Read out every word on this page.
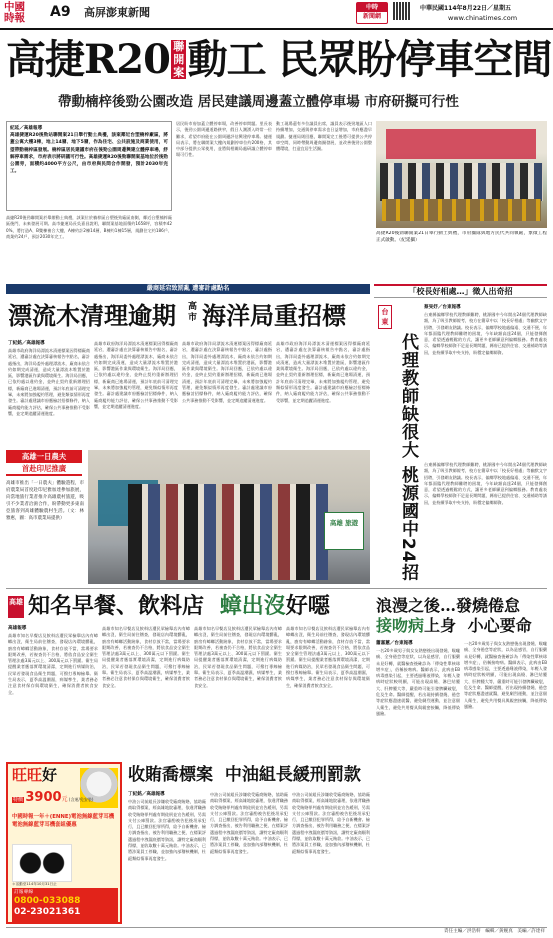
中國
時報	A9 高屏澎東新聞	中時
新聞網
中華民國114年8月22日／星期五
www.chinatimes.com
高捷R20 聯開案 動工 民眾盼停車空間
帶動楠梓後勁公園改造 居民建議周邊蓋立體停車場 市府研擬可行性
紀延／高雄報導
高雄捷運R20後勁站聯開案21日舉行動土典禮，該案鄰近台塑楠梓廠區，將蓋公寓大樓3棟，地上14層、地下5層，作為住宅、公共設施及商業使用，可望帶動楠梓區發展。楠梓區居民建議市府在後勁公園周邊興建立體停車場，紓解停車需求，市府表示將研議可行性。高雄捷運R20後勁聯開案基地位於後勁公園旁，面積約4000平方公尺，由市府與民間合作開發，預計2030年完工。
高捷R20後勁聯開案於舉辦動土典禮，該案位於楠梓區台塑後勁廠區南側，鄰近台塑楠梓廠區後門，未來發展可期。高市捷運局長吳嘉昌說明，聯開案基地面積約1658坪，容積率420%，將打造A、B雙棟複合大樓，A棟約計2棟14層，B棟約1棟15層，規劃住宅約186戶、商業約24戶，預計2030年完工。
居民盼市府加蓋立體停車場，改善停車問題。里長表示，後勁公園周邊道路狹窄，假日人潮湧入時常一位難求，希望市府能在公園周邊評估興建停車場。捷運局表示，將在聯開案大樓內規劃停車位約200格，其中部分提供公眾使用，並將與相關局處研議立體停車場可行性。
動工現場還有多位議員出席，議員表示後勁地區人口持續增加，交通與停車需求也日益增加，市府應盡早規劃。捷運局則回應，聯開案完工後將可提供公共停車空間，同時帶動周邊商圈發展，並改善後勁公園整體環境，打造宜居生活圈。
高捷R20後勁聯開案21日舉行動土典禮，市府團隊與地方民代共同執鏟，象徵工程正式啟動。（紀延攝）
嚴商延宕致罰亂 遭審計處點名
漂流木清理逾期 高市 海洋局重招標
丁紀銘／高雄報導
高雄市政府海洋局漂流木清運標案因得標廠商延宕，遭審計處在決算審核報告中點名，審計處指出，海洋局委外處理漂流木，廠商未依合約如期完成清運，造成大量漂流木堆置於港區，影響港區作業與環境衛生。海洋局回應，已依約處以違約金，並終止契約重新辦理招標，新廠商已進場清運，預計年底前可清理完畢，未來將加強履約管理，避免類似情形再度發生。審計處建議市府應檢討招標條件，納入廠商履約能力評估，確保公共事務推動不受影響，並定期追蹤清運進度。
高雄市政府海洋局漂流木清運標案因得標廠商延宕，遭審計處在決算審核報告中點名，審計處指出，海洋局委外處理漂流木，廠商未依合約如期完成清運，造成大量漂流木堆置於港區，影響港區作業與環境衛生。海洋局回應，已依約處以違約金，並終止契約重新辦理招標，新廠商已進場清運，預計年底前可清理完畢，未來將加強履約管理，避免類似情形再度發生。審計處建議市府應檢討招標條件，納入廠商履約能力評估，確保公共事務推動不受影響，並定期追蹤清運進度。
高雄市政府海洋局漂流木清運標案因得標廠商延宕，遭審計處在決算審核報告中點名，審計處指出，海洋局委外處理漂流木，廠商未依合約如期完成清運，造成大量漂流木堆置於港區，影響港區作業與環境衛生。海洋局回應，已依約處以違約金，並終止契約重新辦理招標，新廠商已進場清運，預計年底前可清理完畢，未來將加強履約管理，避免類似情形再度發生。審計處建議市府應檢討招標條件，納入廠商履約能力評估，確保公共事務推動不受影響，並定期追蹤清運進度。
高雄市政府海洋局漂流木清運標案因得標廠商延宕，遭審計處在決算審核報告中點名，審計處指出，海洋局委外處理漂流木，廠商未依合約如期完成清運，造成大量漂流木堆置於港區，影響港區作業與環境衛生。海洋局回應，已依約處以違約金，並終止契約重新辦理招標，新廠商已進場清運，預計年底前可清理完畢，未來將加強履約管理，避免類似情形再度發生。審計處建議市府應檢討招標條件，納入廠商履約能力評估，確保公共事務推動不受影響，並定期追蹤清運進度。
高雄一日農夫
首赴印尼推廣
高雄市推出「一日農夫」體驗遊程，市府農業局首度赴印尼雅加達參加旅展，向當地旅行業者推介高雄農村旅遊，吸引不少業者洽詢合作，盼帶動更多東南亞旅客到高雄體驗農村生活。（文：林雅惠，圖：高市農業局提供）
高雄 旅遊
「校長好相處…」徵人出奇招
台東
代理教師缺很大 桃源國中24招
蔡旻妤／台東報導
台東縣偏鄉學校代理教師難聘，桃源國中今年開出24個代理教師缺額，為了吸引教師報考，校方在簡章中以「校長好相處」等幽默文字招聘，引發網友熱議。校長表示，偏鄉學校地處偏遠、交通不便，年年都面臨代理教師難聘的困境，今年缺額高達24個，只能發揮創意，希望透過輕鬆的方式，讓更多老師願意到偏鄉服務。教育處表示，偏鄉學校師資不足是長期問題，縣府已提供住宿、交通補助等誘因，並持續爭取中央支持，盼穩定偏鄉師資。
台東縣偏鄉學校代理教師難聘，桃源國中今年開出24個代理教師缺額，為了吸引教師報考，校方在簡章中以「校長好相處」等幽默文字招聘，引發網友熱議。校長表示，偏鄉學校地處偏遠、交通不便，年年都面臨代理教師難聘的困境，今年缺額高達24個，只能發揮創意，希望透過輕鬆的方式，讓更多老師願意到偏鄉服務。教育處表示，偏鄉學校師資不足是長期問題，縣府已提供住宿、交通補助等誘因，並持續爭取中央支持，盼穩定偏鄉師資。
高雄 知名早餐、飲料店 蟑出沒好噁
高雄報導
高雄市知名早餐店及飲料店遭民眾檢舉店內有蟑螂出沒，衛生局前往稽查，發現店內環境髒亂，廚房有蟑螂活動跡象，食材存放不當，當場要求限期改善，若複查仍不合格，將依食品安全衛生管理法處3萬元以上、300萬元以下罰鍰。衛生局提醒業者應落實環境清潔，定期進行病媒防治，民眾若發現食品衛生問題，可撥打專線檢舉。衛生局表示，夏季高溫潮濕，病媒孳生，業者務必注意食材保存與環境衛生，確保消費者飲食安全。
高雄市知名早餐店及飲料店遭民眾檢舉店內有蟑螂出沒，衛生局前往稽查，發現店內環境髒亂，廚房有蟑螂活動跡象，食材存放不當，當場要求限期改善，若複查仍不合格，將依食品安全衛生管理法處3萬元以上、300萬元以下罰鍰。衛生局提醒業者應落實環境清潔，定期進行病媒防治，民眾若發現食品衛生問題，可撥打專線檢舉。衛生局表示，夏季高溫潮濕，病媒孳生，業者務必注意食材保存與環境衛生，確保消費者飲食安全。
高雄市知名早餐店及飲料店遭民眾檢舉店內有蟑螂出沒，衛生局前往稽查，發現店內環境髒亂，廚房有蟑螂活動跡象，食材存放不當，當場要求限期改善，若複查仍不合格，將依食品安全衛生管理法處3萬元以上、300萬元以下罰鍰。衛生局提醒業者應落實環境清潔，定期進行病媒防治，民眾若發現食品衛生問題，可撥打專線檢舉。衛生局表示，夏季高溫潮濕，病媒孳生，業者務必注意食材保存與環境衛生，確保消費者飲食安全。
高雄市知名早餐店及飲料店遭民眾檢舉店內有蟑螂出沒，衛生局前往稽查，發現店內環境髒亂，廚房有蟑螂活動跡象，食材存放不當，當場要求限期改善，若複查仍不合格，將依食品安全衛生管理法處3萬元以上、300萬元以下罰鍰。衛生局提醒業者應落實環境清潔，定期進行病媒防治，民眾若發現食品衛生問題，可撥打專線檢舉。衛生局表示，夏季高溫潮濕，病媒孳生，業者務必注意食材保存與環境衛生，確保消費者飲食安全。
浪漫之後…發燒倦怠
接吻病上身 小心要命
蕭嘉蕙／台東報導
一名20多歲男子與女友熱戀後出現發燒、喉嚨痛、全身倦怠等症狀，以為是感冒，自行服藥未見好轉，就醫檢查後確診為「傳染性單核球增多症」，俗稱接吻病。醫師表示，此病由EB病毒感染引起，主要透過唾液傳染，年輕人發病時症狀較明顯，可能出現高燒、淋巴結腫大、肝脾腫大等，嚴重時可能引發脾臟破裂，危及生命。醫師提醒，若出現持續發燒、倦怠等症狀應盡速就醫，避免劇烈運動，並注意個人衛生，避免共用餐具與親密接觸，降低傳染風險。
一名20多歲男子與女友熱戀後出現發燒、喉嚨痛、全身倦怠等症狀，以為是感冒，自行服藥未見好轉，就醫檢查後確診為「傳染性單核球增多症」，俗稱接吻病。醫師表示，此病由EB病毒感染引起，主要透過唾液傳染，年輕人發病時症狀較明顯，可能出現高燒、淋巴結腫大、肝脾腫大等，嚴重時可能引發脾臟破裂，危及生命。醫師提醒，若出現持續發燒、倦怠等症狀應盡速就醫，避免劇烈運動，並注意個人衛生，避免共用餐具與親密接觸，降低傳染風險。
旺旺好
特價 3900元 (含運/免安裝)
中國時報一年＋(ENNE)電池無線藍芽耳機
電池無線藍芽耳機套組優惠
訂報專線
0800-033088
02-23021361
＊活動至114年10月31日止
收賄喬標案 中油組長緩刑罰款
丁紀銘／高雄報導
中油公司前組長涉嫌收受廠商賄賂，協助廠商取得標案，經高雄地院審理，依違背職務收受賄賂罪判處有期徒刑並宣告緩刑，另需支付公庫罰款。法官審酌被告犯後坦承犯行，且已繳回犯罪所得，給予自新機會。檢方調查指出，被告利用職務之便，在標案評選過程中洩漏底價等資訊，讓特定廠商順利得標，並收取數十萬元賄款。中油表示，已將涉案員工停職，並加強內部稽核機制，杜絕類似情事再度發生。
中油公司前組長涉嫌收受廠商賄賂，協助廠商取得標案，經高雄地院審理，依違背職務收受賄賂罪判處有期徒刑並宣告緩刑，另需支付公庫罰款。法官審酌被告犯後坦承犯行，且已繳回犯罪所得，給予自新機會。檢方調查指出，被告利用職務之便，在標案評選過程中洩漏底價等資訊，讓特定廠商順利得標，並收取數十萬元賄款。中油表示，已將涉案員工停職，並加強內部稽核機制，杜絕類似情事再度發生。
中油公司前組長涉嫌收受廠商賄賂，協助廠商取得標案，經高雄地院審理，依違背職務收受賄賂罪判處有期徒刑並宣告緩刑，另需支付公庫罰款。法官審酌被告犯後坦承犯行，且已繳回犯罪所得，給予自新機會。檢方調查指出，被告利用職務之便，在標案評選過程中洩漏底價等資訊，讓特定廠商順利得標，並收取數十萬元賄款。中油表示，已將涉案員工停職，並加強內部稽核機制，杜絕類似情事再度發生。
責任主編／洪浩軒　編輯／黃婉真　美編／許達祥
